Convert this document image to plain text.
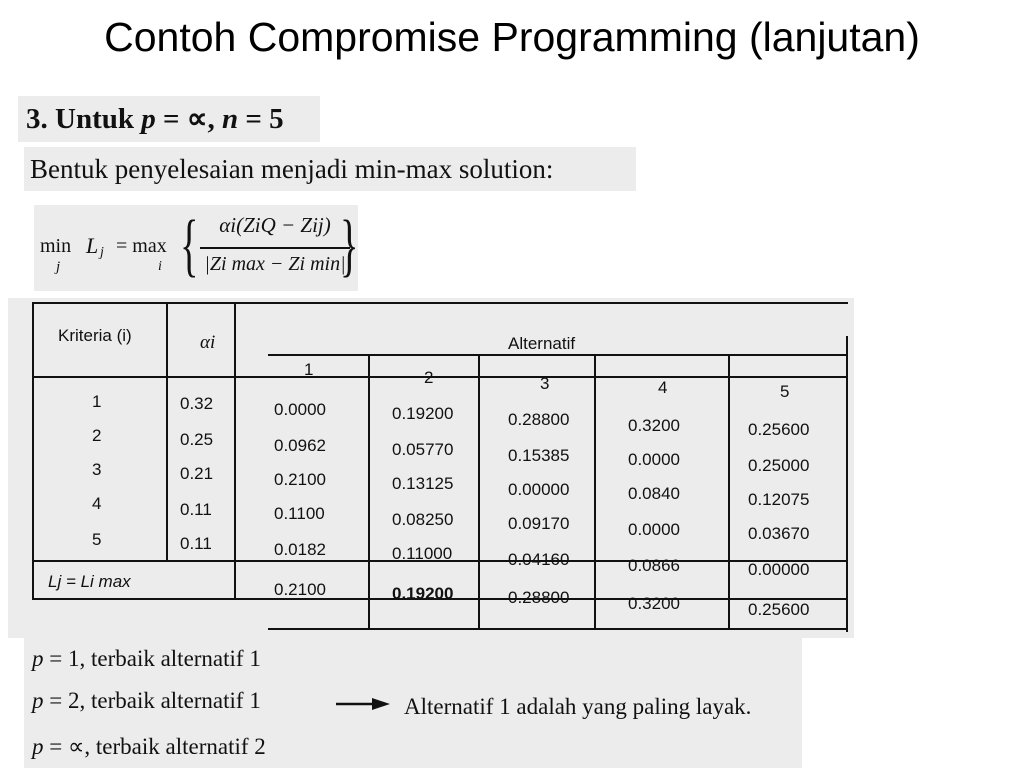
Contoh Compromise Programming (lanjutan)
3. Untuk p = ∝, n = 5
Bentuk penyelesaian menjadi min-max solution:
min
j
L j = max
i { αi(ZiQ − Zij)
|Zi max − Zi min|
}
Kriteria (i)	αi	Alternatif
1	2	3	4	5
1	0.32	0.0000	0.19200	0.28800	0.3200	0.25600
2	0.25	0.0962	0.05770	0.15385	0.0000	0.25000
3	0.21	0.2100	0.13125	0.00000	0.0840	0.12075
4	0.11	0.1100	0.08250	0.09170	0.0000	0.03670
5	0.11	0.0182	0.11000	0.04160	0.0866	0.00000
Lj = Li max	0.2100	0.19200	0.28800	0.3200	0.25600
p = 1, terbaik alternatif 1
p = 2, terbaik alternatif 1
p = ∝, terbaik alternatif 2
Alternatif 1 adalah yang paling layak.
